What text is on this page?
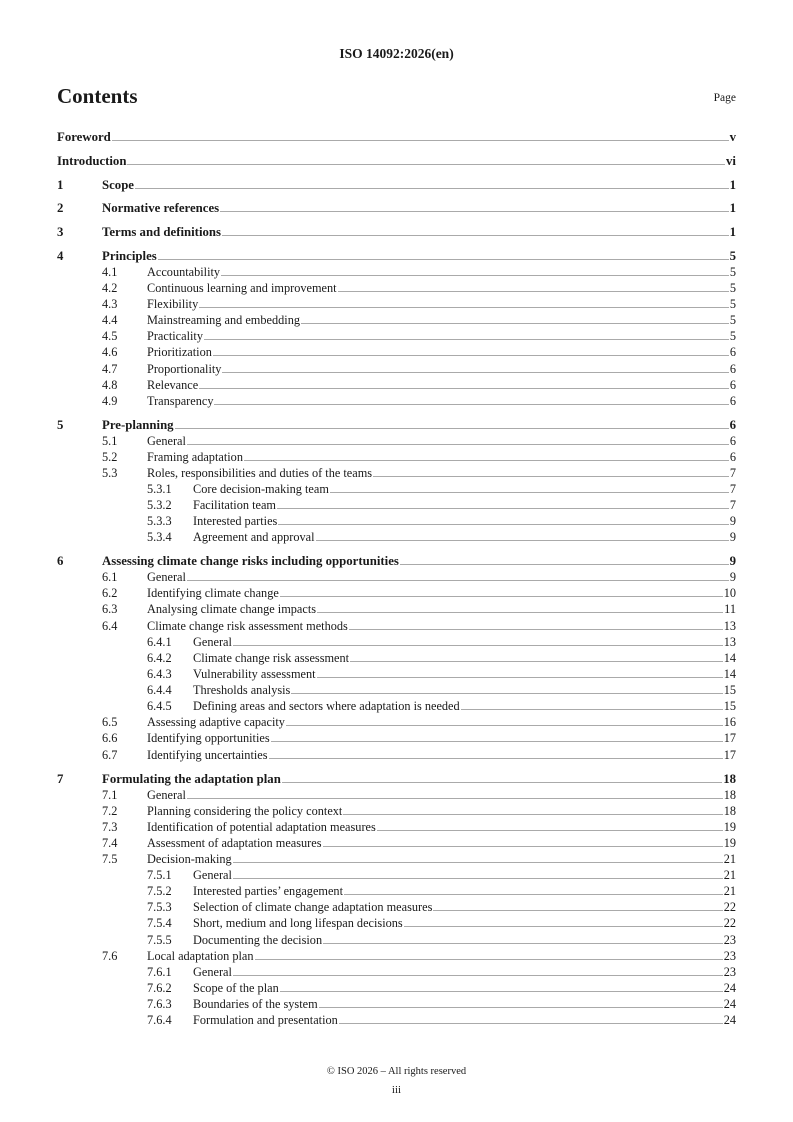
ISO 14092:2026(en)
Contents	Page
Foreword	v
Introduction	vi
1	Scope	1
2	Normative references	1
3	Terms and definitions	1
4	Principles	5
4.1	Accountability	5
4.2	Continuous learning and improvement	5
4.3	Flexibility	5
4.4	Mainstreaming and embedding	5
4.5	Practicality	5
4.6	Prioritization	6
4.7	Proportionality	6
4.8	Relevance	6
4.9	Transparency	6
5	Pre-planning	6
5.1	General	6
5.2	Framing adaptation	6
5.3	Roles, responsibilities and duties of the teams	7
5.3.1	Core decision-making team	7
5.3.2	Facilitation team	7
5.3.3	Interested parties	9
5.3.4	Agreement and approval	9
6	Assessing climate change risks including opportunities	9
6.1	General	9
6.2	Identifying climate change	10
6.3	Analysing climate change impacts	11
6.4	Climate change risk assessment methods	13
6.4.1	General	13
6.4.2	Climate change risk assessment	14
6.4.3	Vulnerability assessment	14
6.4.4	Thresholds analysis	15
6.4.5	Defining areas and sectors where adaptation is needed	15
6.5	Assessing adaptive capacity	16
6.6	Identifying opportunities	17
6.7	Identifying uncertainties	17
7	Formulating the adaptation plan	18
7.1	General	18
7.2	Planning considering the policy context	18
7.3	Identification of potential adaptation measures	19
7.4	Assessment of adaptation measures	19
7.5	Decision-making	21
7.5.1	General	21
7.5.2	Interested parties’ engagement	21
7.5.3	Selection of climate change adaptation measures	22
7.5.4	Short, medium and long lifespan decisions	22
7.5.5	Documenting the decision	23
7.6	Local adaptation plan	23
7.6.1	General	23
7.6.2	Scope of the plan	24
7.6.3	Boundaries of the system	24
7.6.4	Formulation and presentation	24
© ISO 2026 – All rights reserved
iii
